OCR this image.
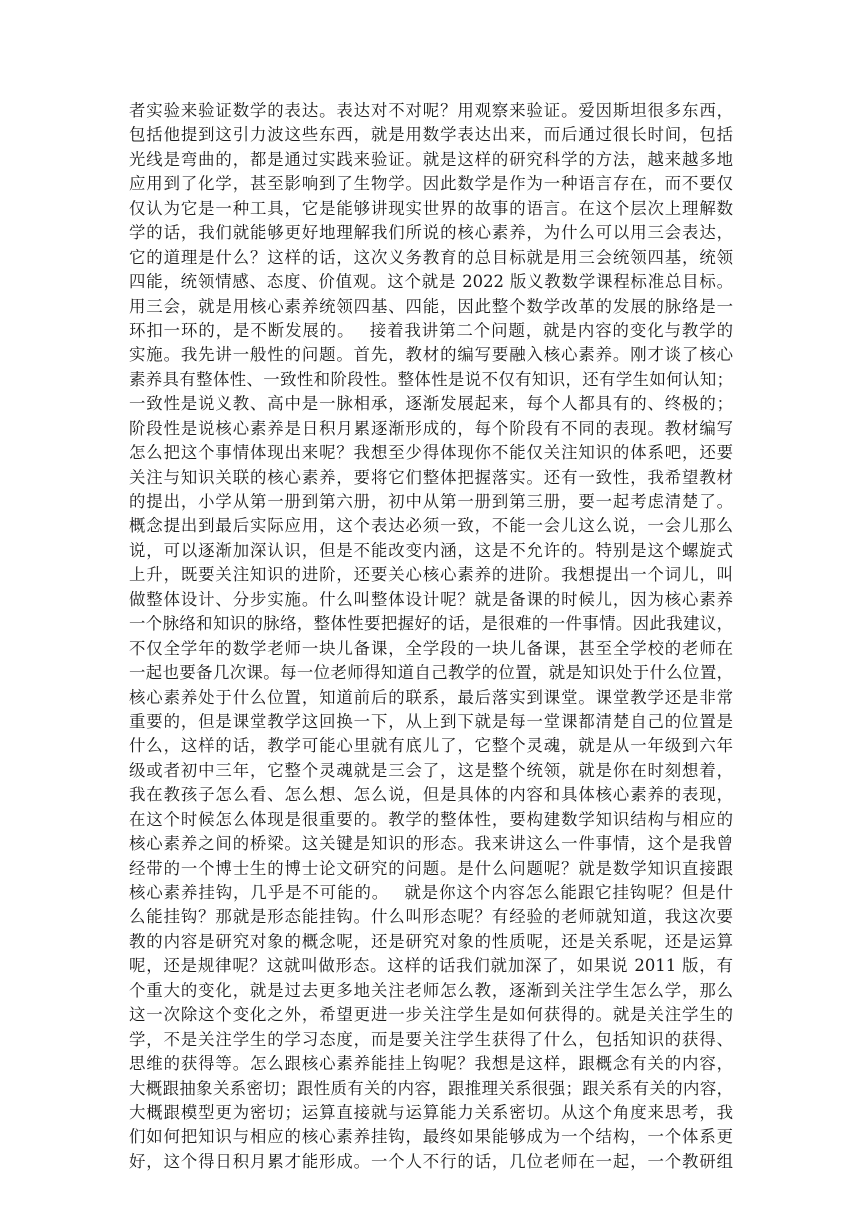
者实验来验证数学的表达。表达对不对呢？用观察来验证。爱因斯坦很多东西，
包括他提到这引力波这些东西，就是用数学表达出来，而后通过很长时间，包括
光线是弯曲的，都是通过实践来验证。就是这样的研究科学的方法，越来越多地
应用到了化学，甚至影响到了生物学。因此数学是作为一种语言存在，而不要仅
仅认为它是一种工具，它是能够讲现实世界的故事的语言。在这个层次上理解数
学的话，我们就能够更好地理解我们所说的核心素养，为什么可以用三会表达，
它的道理是什么？这样的话，这次义务教育的总目标就是用三会统领四基，统领
四能，统领情感、态度、价值观。这个就是 2022 版义教数学课程标准总目标。
用三会，就是用核心素养统领四基、四能，因此整个数学改革的发展的脉络是一
环扣一环的，是不断发展的。　 接着我讲第二个问题，就是内容的变化与教学的
实施。我先讲一般性的问题。首先，教材的编写要融入核心素养。刚才谈了核心
素养具有整体性、一致性和阶段性。整体性是说不仅有知识，还有学生如何认知；
一致性是说义教、高中是一脉相承，逐渐发展起来，每个人都具有的、终极的；
阶段性是说核心素养是日积月累逐渐形成的，每个阶段有不同的表现。教材编写
怎么把这个事情体现出来呢？我想至少得体现你不能仅关注知识的体系吧，还要
关注与知识关联的核心素养，要将它们整体把握落实。还有一致性，我希望教材
的提出，小学从第一册到第六册，初中从第一册到第三册，要一起考虑清楚了。
概念提出到最后实际应用，这个表达必须一致，不能一会儿这么说，一会儿那么
说，可以逐渐加深认识，但是不能改变内涵，这是不允许的。特别是这个螺旋式
上升，既要关注知识的进阶，还要关心核心素养的进阶。我想提出一个词儿，叫
做整体设计、分步实施。什么叫整体设计呢？就是备课的时候儿，因为核心素养
一个脉络和知识的脉络，整体性要把握好的话，是很难的一件事情。因此我建议，
不仅全学年的数学老师一块儿备课，全学段的一块儿备课，甚至全学校的老师在
一起也要备几次课。每一位老师得知道自己教学的位置，就是知识处于什么位置，
核心素养处于什么位置，知道前后的联系，最后落实到课堂。课堂教学还是非常
重要的，但是课堂教学这回换一下，从上到下就是每一堂课都清楚自己的位置是
什么，这样的话，教学可能心里就有底儿了，它整个灵魂，就是从一年级到六年
级或者初中三年，它整个灵魂就是三会了，这是整个统领，就是你在时刻想着，
我在教孩子怎么看、怎么想、怎么说，但是具体的内容和具体核心素养的表现，
在这个时候怎么体现是很重要的。教学的整体性，要构建数学知识结构与相应的
核心素养之间的桥梁。这关键是知识的形态。我来讲这么一件事情，这个是我曾
经带的一个博士生的博士论文研究的问题。是什么问题呢？就是数学知识直接跟
核心素养挂钩，几乎是不可能的。　 就是你这个内容怎么能跟它挂钩呢？但是什
么能挂钩？那就是形态能挂钩。什么叫形态呢？有经验的老师就知道，我这次要
教的内容是研究对象的概念呢，还是研究对象的性质呢，还是关系呢，还是运算
呢，还是规律呢？这就叫做形态。这样的话我们就加深了，如果说 2011 版，有
个重大的变化，就是过去更多地关注老师怎么教，逐渐到关注学生怎么学，那么
这一次除这个变化之外，希望更进一步关注学生是如何获得的。就是关注学生的
学，不是关注学生的学习态度，而是要关注学生获得了什么，包括知识的获得、
思维的获得等。怎么跟核心素养能挂上钩呢？我想是这样，跟概念有关的内容，
大概跟抽象关系密切；跟性质有关的内容，跟推理关系很强；跟关系有关的内容，
大概跟模型更为密切；运算直接就与运算能力关系密切。从这个角度来思考，我
们如何把知识与相应的核心素养挂钩，最终如果能够成为一个结构，一个体系更
好，这个得日积月累才能形成。一个人不行的话，几位老师在一起，一个教研组
